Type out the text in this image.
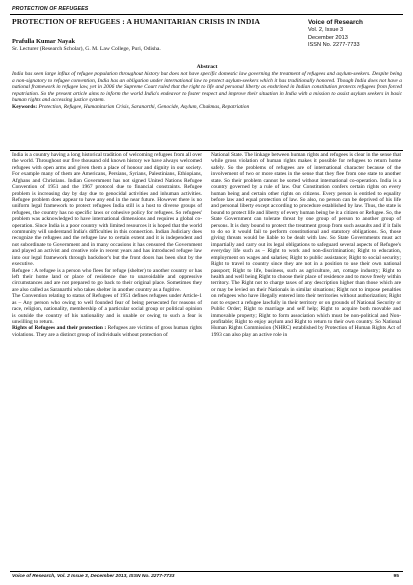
PROTECTION OF REFUGEES
PROTECTION OF REFUGEES : A HUMANITARIAN CRISIS IN INDIA
Prafulla Kumar Nayak
Sr. Lecturer (Research Scholar), G. M. Law College, Puri, Odisha.
Voice of Research
Vol. 2, Issue 3
December 2013
ISSN No. 2277-7733
Abstract
India has seen large influx of refugee population throughout history but does not have specific domestic law governing the treatment of refugees and asylum-seekers. Despite being a non-signatory to refugee convention, India has an obligation under international law to protect asylum-seekers which it has traditionally honored. Though India does not have a national framework in refugee law, yet in 2006 the Supreme Court ruled that the right to life and personal liberty as enshrined in Indian constitution protects refugees from forced repatriation. So the present article aims to inform the world India's endeavor to foster respect and improve their situation in India with a mission to assist asylum seekers in basic human rights and accessing justice system.
Keywords: Protection, Refugee, Humanitarian Crisis, Saranarthi, Genocide, Asylum, Chakmas, Repatriation

India is a country having a long historical tradition of welcoming refugees from all over the world. Throughout our five thousand old known history we have always welcomed refugees with open arms and given them a place of honour and dignity in our society. For example many of them are Americans, Persians, Syrians, Palestinians, Ethiopians, Afghans and Christians. Indian Government has not signed United Nations Refugee Convention of 1951 and the 1967 protocol due to financial constraints. Refugee problem is increasing day by day due to genocidal activities and inhuman activities. Refugee problem does appear to have any end in the near future. However there is no uniform legal framework to protect refugees India still is a host to diverse groups of refugees, the country has no specific laws or cohesive policy for refugees. So refugees' problem was acknowledged to have international dimensions and requires a global co-operation. Since India is a poor country with limited resources it is hoped that the world community will understand India's difficulties in this connection. Indian Judiciary does recognize the refugees and the refugee law to certain extent and it is independent and not subordinate to Government and in many occasions it has censured the Government and played an activist and creative role in recent years and has introduced refugee law into our legal framework through backdoor's but the front doors has been shut by the executive.

Refugee : A refugee is a person who flees for refuge (shelter) to another country or has left their home land or place of residence due to unavoidable and oppressive circumstances and are not prepared to go back to their original place. Sometimes they are also called as Saranarthi who takes shelter in another country as a fugitive.

The Convention relating to status of Refugees of 1951 defines refugees under Article-1 as – Any person who owing to well founded fear of being persecuted for reasons of race, religion, nationality, membership of a particular social group or political opinion is outside the country of his nationality and is unable or owing to such a fear is unwilling to return.

Rights of Refugees and their protection : Refugees are victims of gross human rights violations. They are a distinct group of individuals without protection of

National State. The linkage between human rights and refugees is clear in the sense that while gross violation of human rights makes it possible for refugees to return home safely. So the problems of refugees are of international character because of the involvement of two or more states in the sense that they flee from one state to another state. So their problem cannot be sorted without international co-operation. India is a country governed by a rule of law. Our Constitution confers certain rights on every human being and certain other rights on citizens. Every person is entitled to equality before law and equal protection of law. So also, no person can be deprived of his life and personal liberty except according to procedure established by law. Thus, the state is bound to protect life and liberty of every human being be it a citizen or Refugee. So, the State Government can tolerate threat by one group of person to another group of persons. It is duty bound to protect the treatment group from such assaults and if it fails to do so it would fail to perform constitutional and statutory obligations. So, those giving threats would be liable to be dealt with law. So State Governments must act impartially and carry out its legal obligations to safeguard several aspects of Refugee's everyday life such as – Right to work and non-discrimination; Right to education, employment on wages and salaries; Right to public assistance; Right to social security; Right to travel to country since they are not in a position to use their own national passport; Right to life, business, such as agriculture, art, cottage industry; Right to health and well being Right to choose their place of residence and to move freely within territory. The Right not to charge taxes of any description higher than those which are or may be levied on their Nationals in similar situations; Right not to impose penalties on refugees who have illegally entered into their territories without authorization; Right not to expect a refugee lawfully in their territory or on grounds of National Security or Public Order; Right to marriage and self help; Right to acquire both movable and immovable property; Right to form association which must be non-political and Non-profitable; Right to enjoy asylum and Right to return to their own country. So National Human Rights Commission (NHRC) established by Protection of Human Rights Act of 1993 can also play an active role in

Voice of Research, Vol. 2 Issue 3, December 2013, ISSN No. 2277-7733	95
